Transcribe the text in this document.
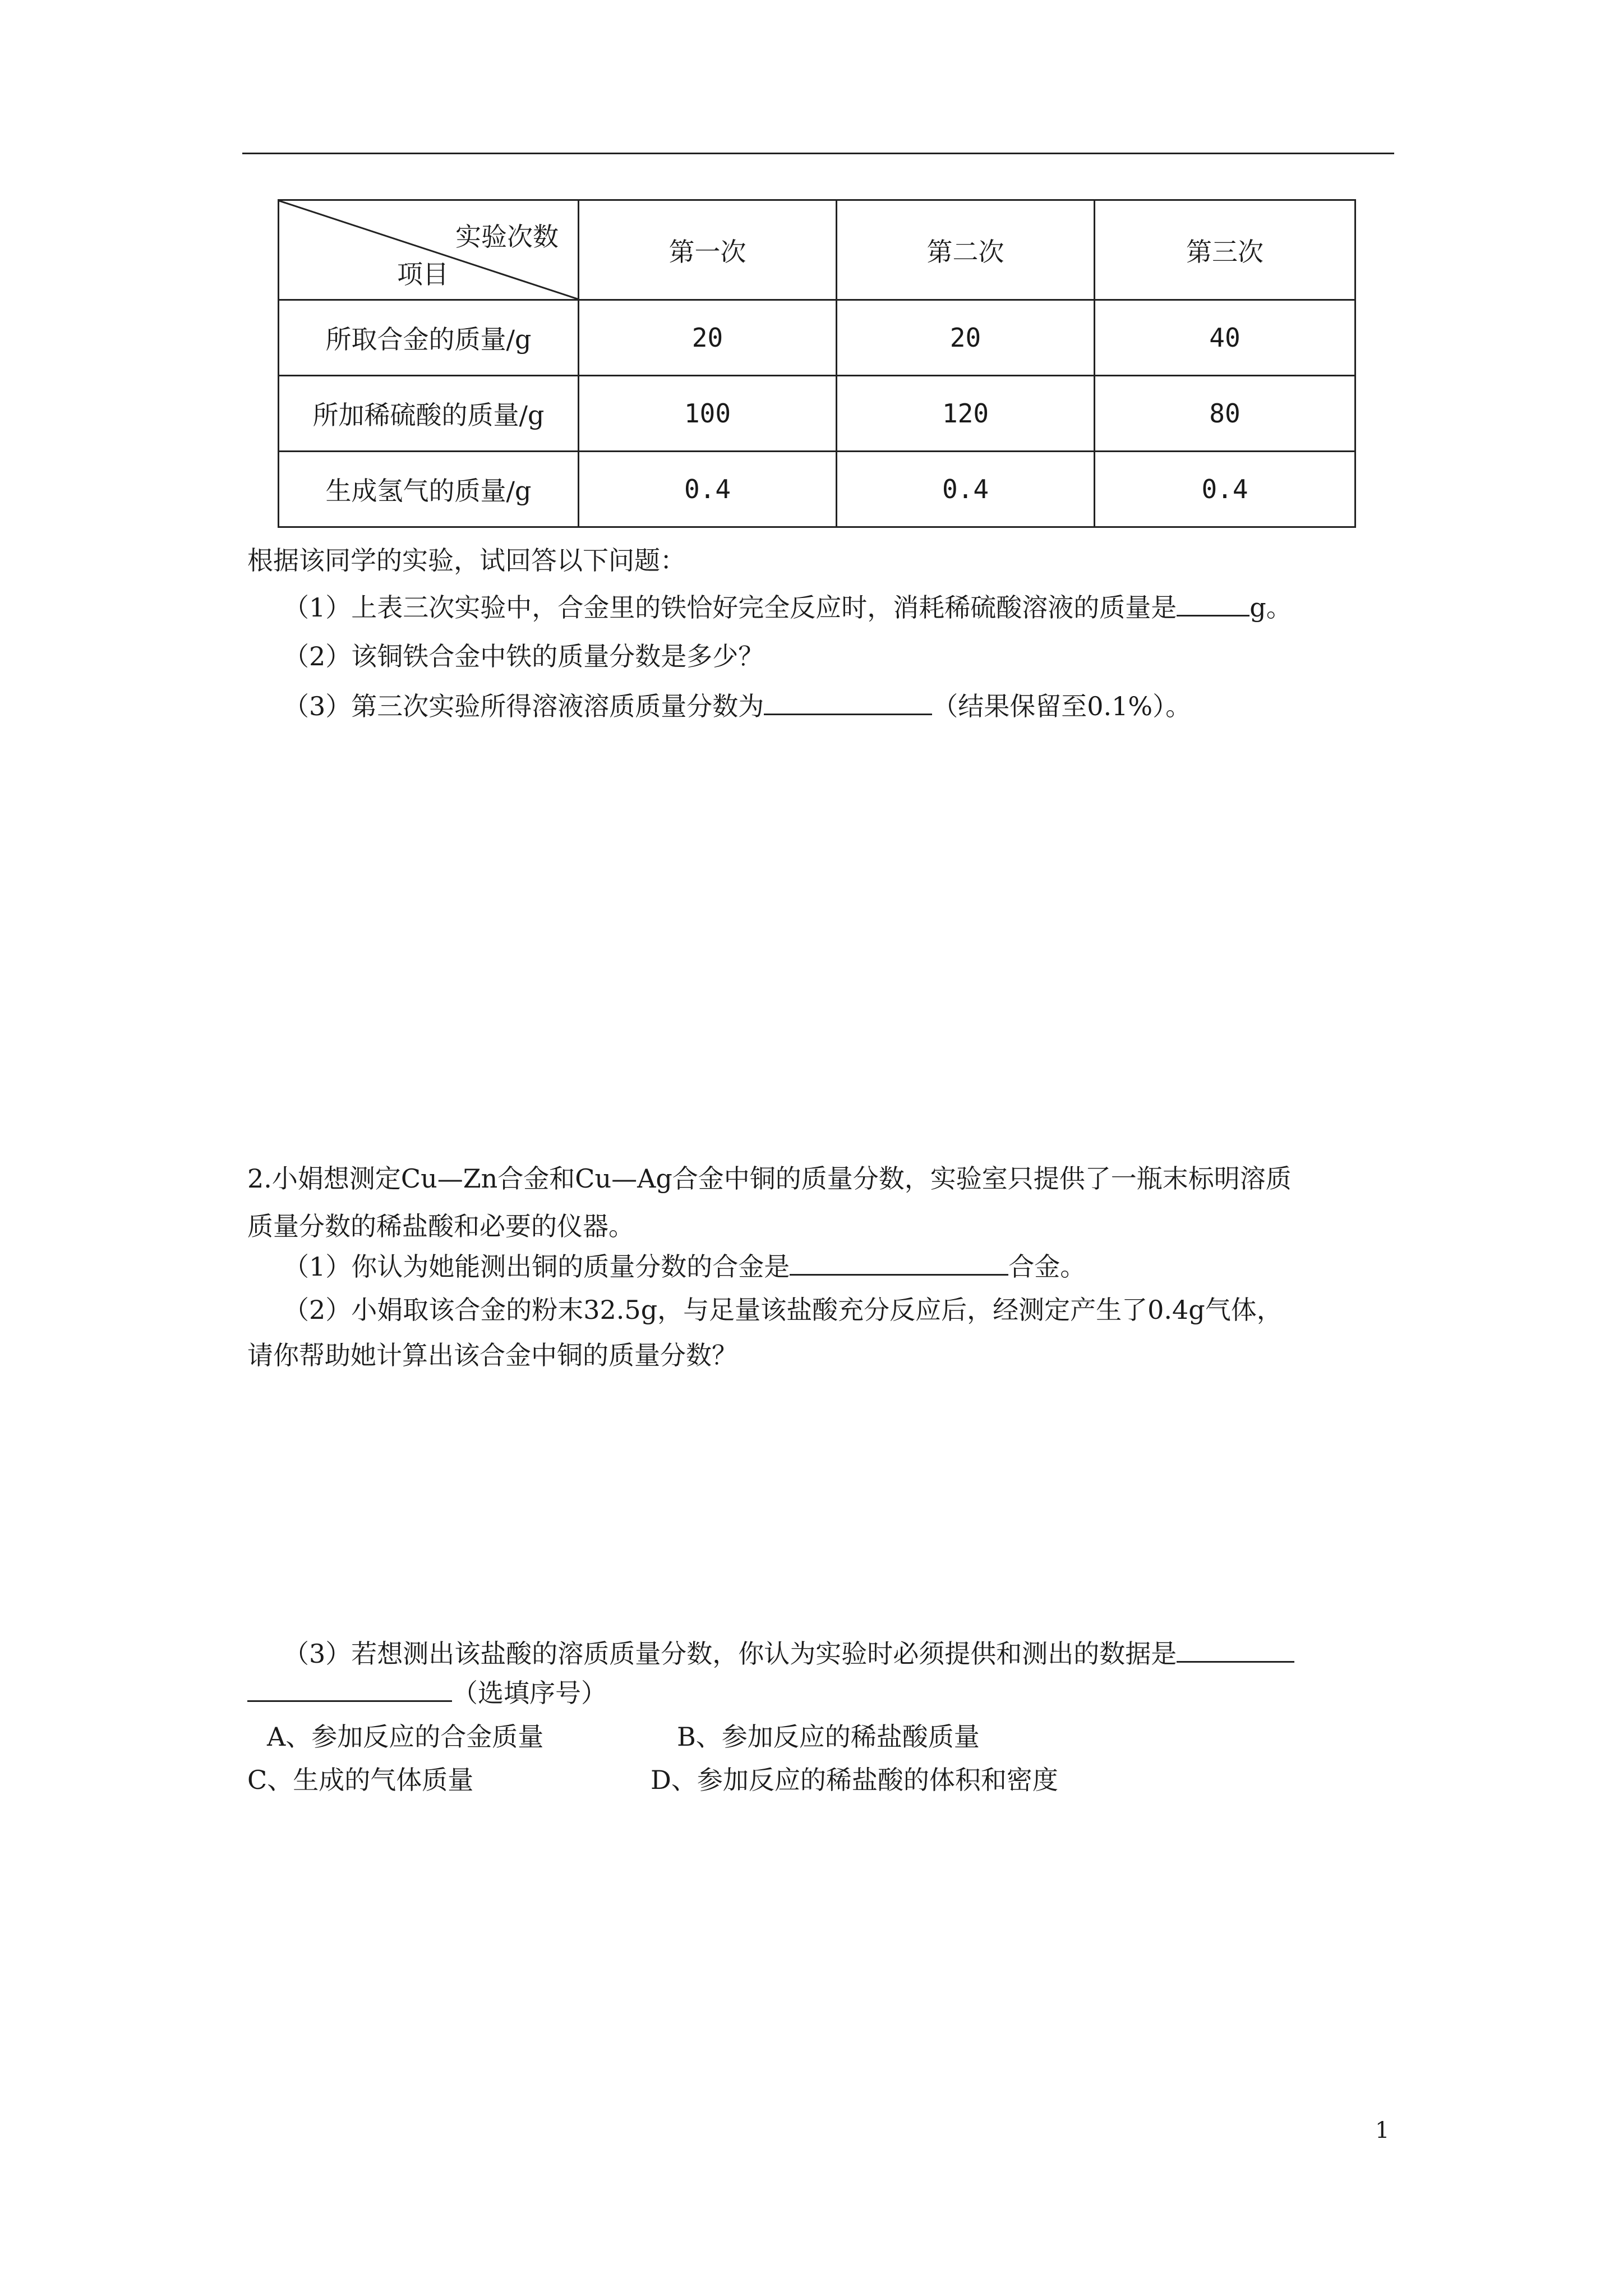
实验次数
项目	第一次	第二次	第三次
所取合金的质量/g	20	20	40
所加稀硫酸的质量/g	100	120	80
生成氢气的质量/g	0.4	0.4	0.4
根据该同学的实验，试回答以下问题：
（1）上表三次实验中，合金里的铁恰好完全反应时，消耗稀硫酸溶液的质量是	g。
（2）该铜铁合金中铁的质量分数是多少？
（3）第三次实验所得溶液溶质质量分数为	（结果保留至0.1%）。
2.小娟想测定Cu—Zn合金和Cu—Ag合金中铜的质量分数，实验室只提供了一瓶末标明溶质
质量分数的稀盐酸和必要的仪器。
（1）你认为她能测出铜的质量分数的合金是	合金。
（2）小娟取该合金的粉末32.5g，与足量该盐酸充分反应后，经测定产生了0.4g气体，
请你帮助她计算出该合金中铜的质量分数？
（3）若想测出该盐酸的溶质质量分数，你认为实验时必须提供和测出的数据是
（选填序号）
A、参加反应的合金质量	B、参加反应的稀盐酸质量
C、生成的气体质量	D、参加反应的稀盐酸的体积和密度
1
